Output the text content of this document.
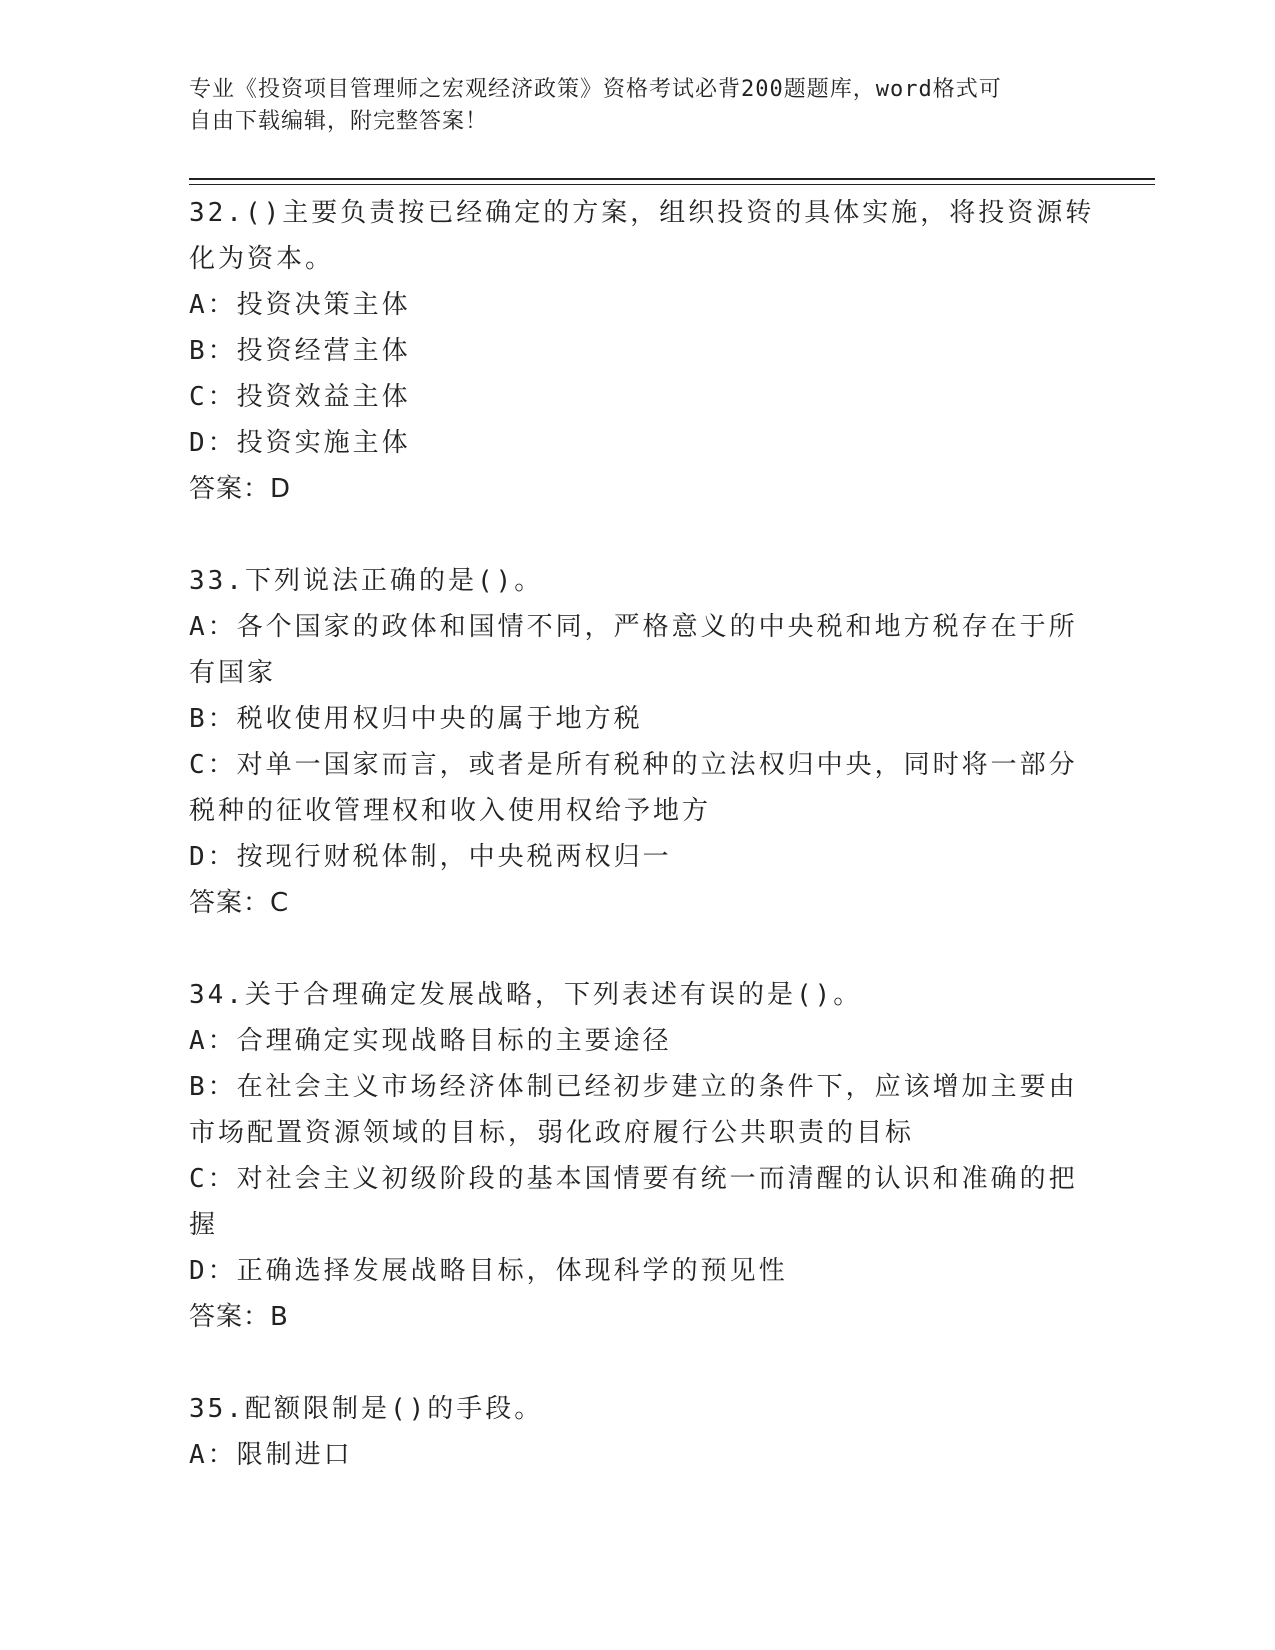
专业《投资项目管理师之宏观经济政策》资格考试必背200题题库，word格式可
自由下载编辑，附完整答案！
32.()主要负责按已经确定的方案，组织投资的具体实施，将投资源转
化为资本。
A：投资决策主体
B：投资经营主体
C：投资效益主体
D：投资实施主体
答案：D
33.下列说法正确的是()。
A：各个国家的政体和国情不同，严格意义的中央税和地方税存在于所
有国家
B：税收使用权归中央的属于地方税
C：对单一国家而言，或者是所有税种的立法权归中央，同时将一部分
税种的征收管理权和收入使用权给予地方
D：按现行财税体制，中央税两权归一
答案：C
34.关于合理确定发展战略，下列表述有误的是()。
A：合理确定实现战略目标的主要途径
B：在社会主义市场经济体制已经初步建立的条件下，应该增加主要由
市场配置资源领域的目标，弱化政府履行公共职责的目标
C：对社会主义初级阶段的基本国情要有统一而清醒的认识和准确的把
握
D：正确选择发展战略目标，体现科学的预见性
答案：B
35.配额限制是()的手段。
A：限制进口
